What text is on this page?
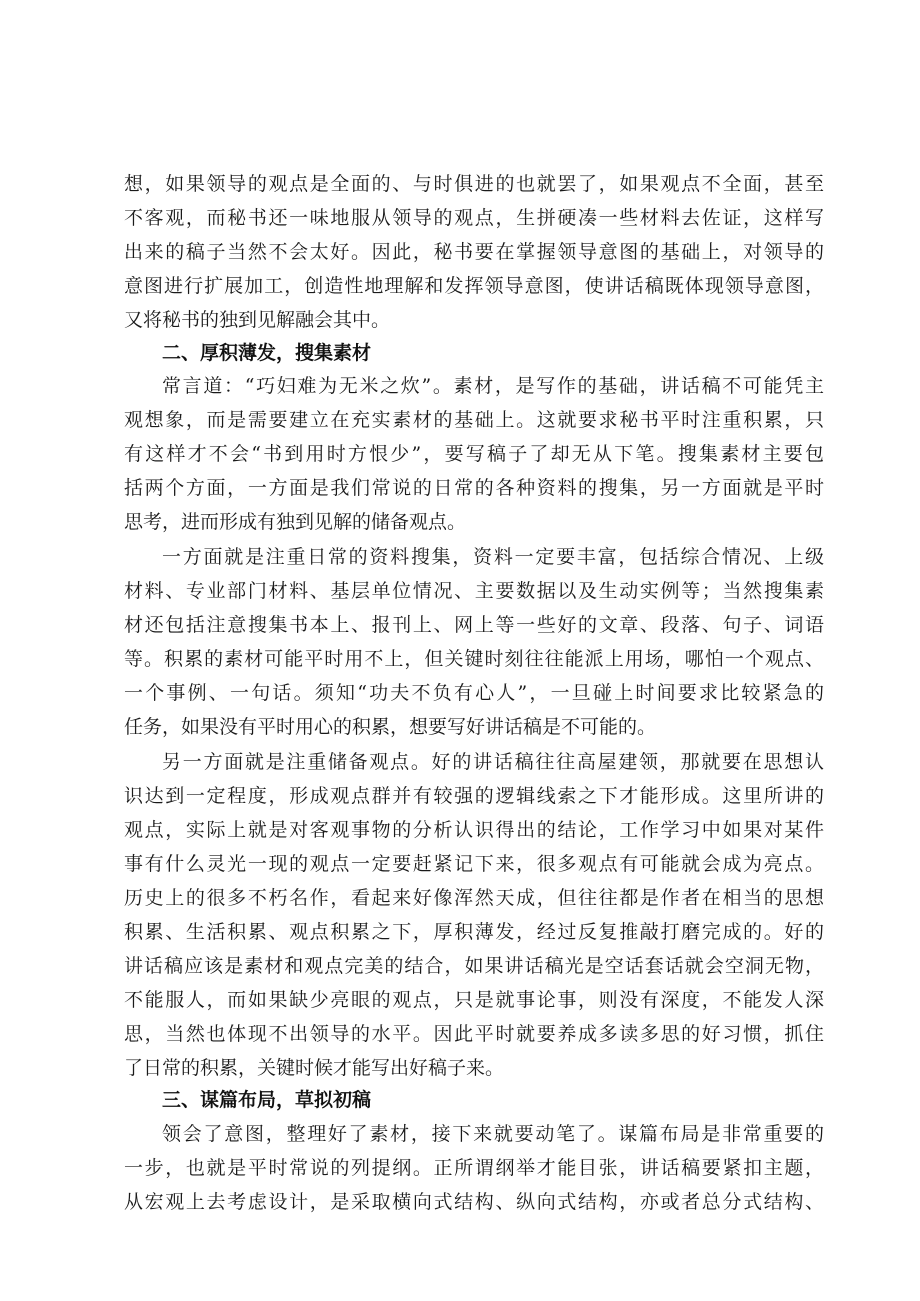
想，如果领导的观点是全面的、与时俱进的也就罢了，如果观点不全面，甚至
不客观，而秘书还一味地服从领导的观点，生拼硬凑一些材料去佐证，这样写
出来的稿子当然不会太好。因此，秘书要在掌握领导意图的基础上，对领导的
意图进行扩展加工，创造性地理解和发挥领导意图，使讲话稿既体现领导意图，
又将秘书的独到见解融会其中。
二、厚积薄发，搜集素材
常言道：“巧妇难为无米之炊”。素材，是写作的基础，讲话稿不可能凭主
观想象，而是需要建立在充实素材的基础上。这就要求秘书平时注重积累，只
有这样才不会“书到用时方恨少”，要写稿子了却无从下笔。搜集素材主要包
括两个方面，一方面是我们常说的日常的各种资料的搜集，另一方面就是平时
思考，进而形成有独到见解的储备观点。
一方面就是注重日常的资料搜集，资料一定要丰富，包括综合情况、上级
材料、专业部门材料、基层单位情况、主要数据以及生动实例等；当然搜集素
材还包括注意搜集书本上、报刊上、网上等一些好的文章、段落、句子、词语
等。积累的素材可能平时用不上，但关键时刻往往能派上用场，哪怕一个观点、
一个事例、一句话。须知“功夫不负有心人”，一旦碰上时间要求比较紧急的
任务，如果没有平时用心的积累，想要写好讲话稿是不可能的。
另一方面就是注重储备观点。好的讲话稿往往高屋建领，那就要在思想认
识达到一定程度，形成观点群并有较强的逻辑线索之下才能形成。这里所讲的
观点，实际上就是对客观事物的分析认识得出的结论，工作学习中如果对某件
事有什么灵光一现的观点一定要赶紧记下来，很多观点有可能就会成为亮点。
历史上的很多不朽名作，看起来好像浑然天成，但往往都是作者在相当的思想
积累、生活积累、观点积累之下，厚积薄发，经过反复推敲打磨完成的。好的
讲话稿应该是素材和观点完美的结合，如果讲话稿光是空话套话就会空洞无物，
不能服人，而如果缺少亮眼的观点，只是就事论事，则没有深度，不能发人深
思，当然也体现不出领导的水平。因此平时就要养成多读多思的好习惯，抓住
了日常的积累，关键时候才能写出好稿子来。
三、谋篇布局，草拟初稿
领会了意图，整理好了素材，接下来就要动笔了。谋篇布局是非常重要的
一步，也就是平时常说的列提纲。正所谓纲举才能目张，讲话稿要紧扣主题，
从宏观上去考虑设计，是采取横向式结构、纵向式结构，亦或者总分式结构、
